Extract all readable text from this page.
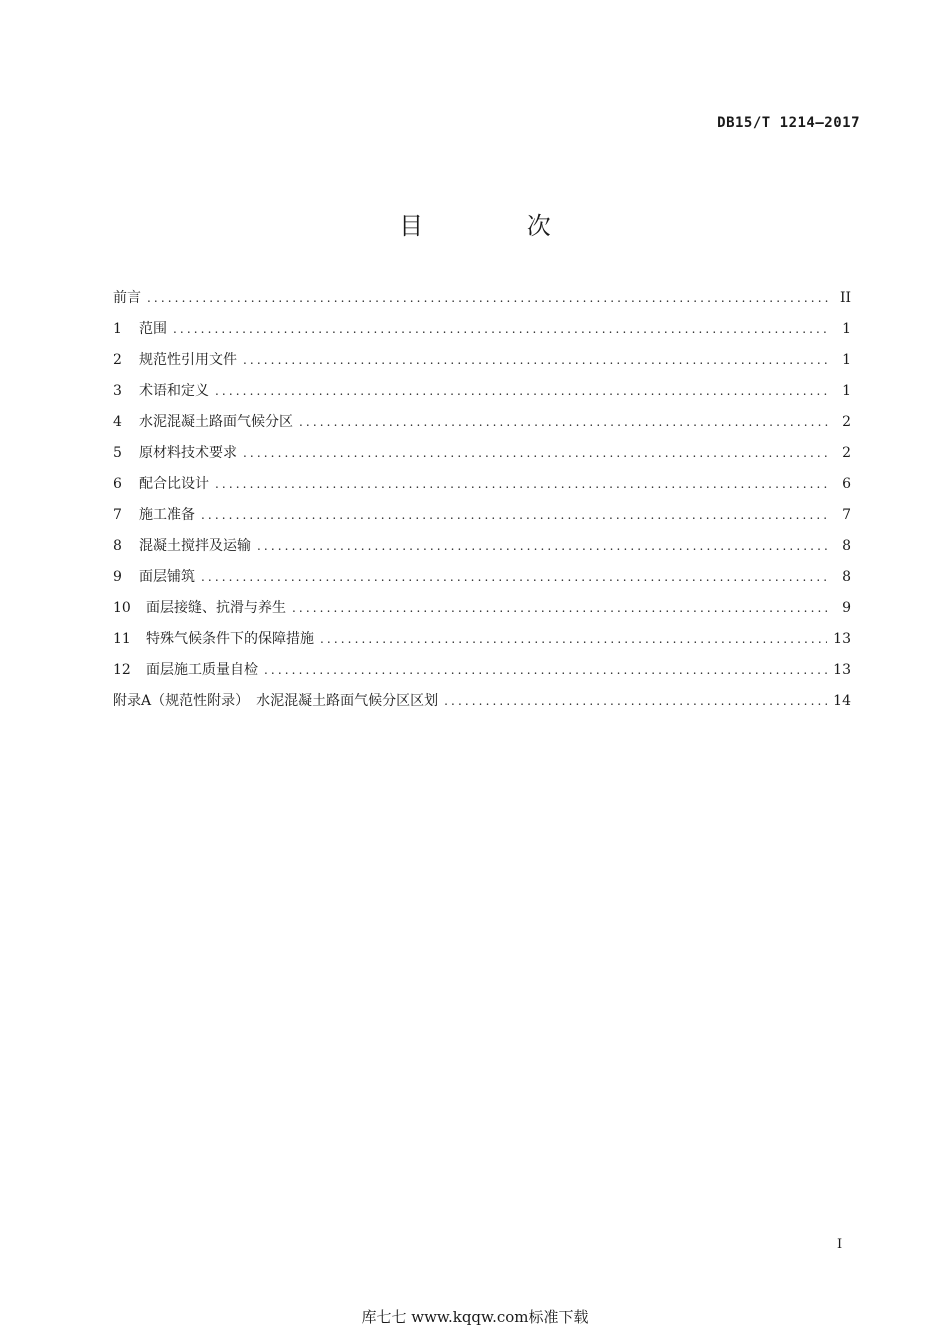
DB15/T 1214—2017
目 次
前言 .....	II
1	范围 .....	1
2	规范性引用文件 .....	1
3	术语和定义 .....	1
4	水泥混凝土路面气候分区 .....	2
5	原材料技术要求 .....	2
6	配合比设计 .....	6
7	施工准备 .....	7
8	混凝土搅拌及运输 .....	8
9	面层铺筑 .....	8
10	面层接缝、抗滑与养生 .....	9
11	特殊气候条件下的保障措施 .....	13
12	面层施工质量自检 .....	13
附录A（规范性附录）　水泥混凝土路面气候分区区划 .....	14
I
库七七 www.kqqw.com标准下载
